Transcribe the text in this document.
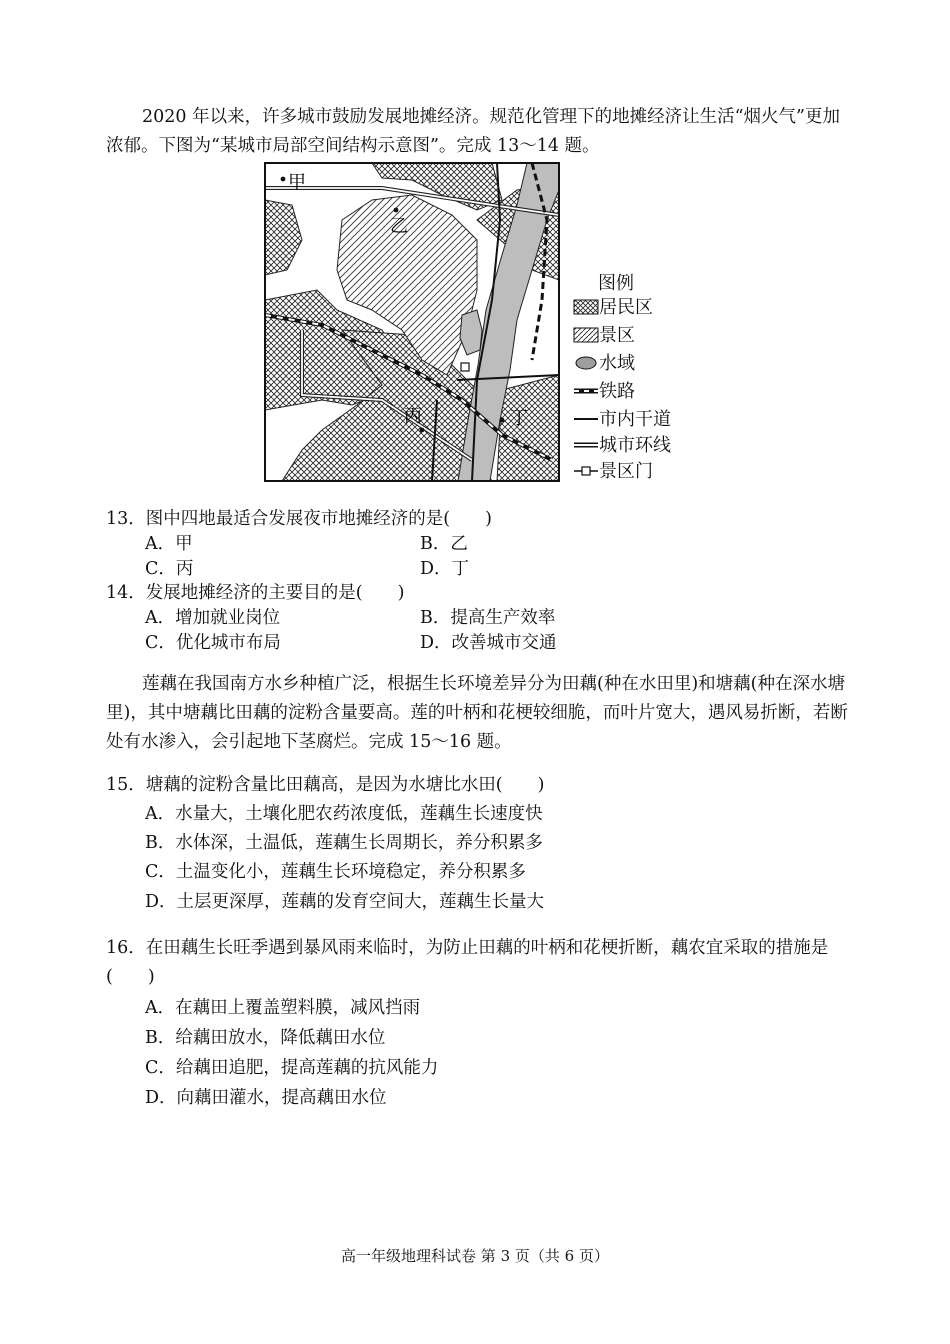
2020 年以来，许多城市鼓励发展地摊经济。规范化管理下的地摊经济让生活“烟火气”更加浓郁。下图为“某城市局部空间结构示意图”。完成 13～14 题。

甲
乙
丙	丁
图例
居民区
景区
水域
铁路
市内干道
城市环线
景区门
13．图中四地最适合发展夜市地摊经济的是(　　)
A．甲	B．乙
C．丙	D．丁
14．发展地摊经济的主要目的是(　　)
A．增加就业岗位	B．提高生产效率
C．优化城市布局	D．改善城市交通

莲藕在我国南方水乡种植广泛，根据生长环境差异分为田藕(种在水田里)和塘藕(种在深水塘里)，其中塘藕比田藕的淀粉含量要高。莲的叶柄和花梗较细脆，而叶片宽大，遇风易折断，若断处有水渗入，会引起地下茎腐烂。完成 15～16 题。

15．塘藕的淀粉含量比田藕高，是因为水塘比水田(　　)
A．水量大，土壤化肥农药浓度低，莲藕生长速度快
B．水体深，土温低，莲藕生长周期长，养分积累多
C．土温变化小，莲藕生长环境稳定，养分积累多
D．土层更深厚，莲藕的发育空间大，莲藕生长量大
16．在田藕生长旺季遇到暴风雨来临时，为防止田藕的叶柄和花梗折断，藕农宜采取的措施是(　　)
A．在藕田上覆盖塑料膜，减风挡雨
B．给藕田放水，降低藕田水位
C．给藕田追肥，提高莲藕的抗风能力
D．向藕田灌水，提高藕田水位
高一年级地理科试卷 第 3 页（共 6 页）
